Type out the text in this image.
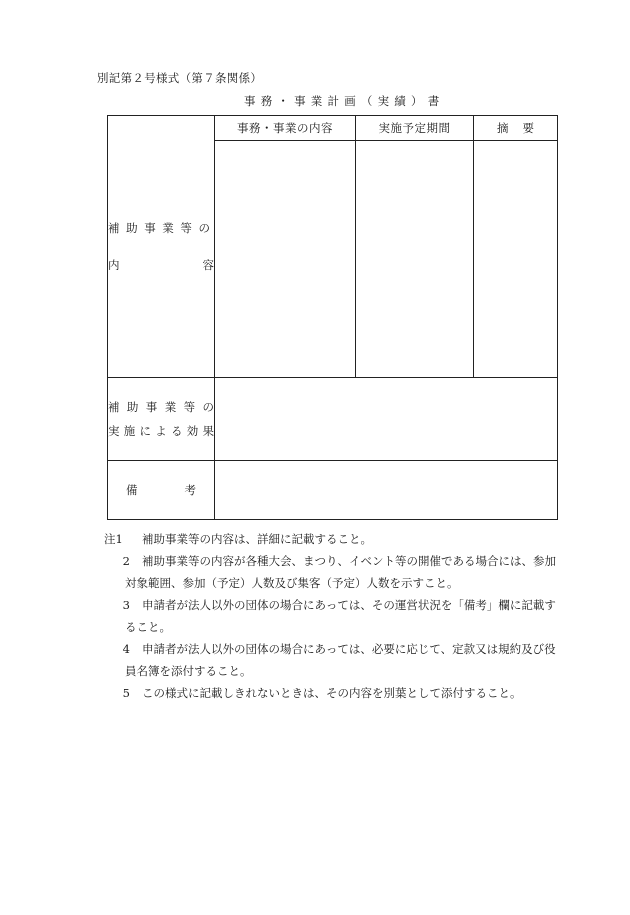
別記第２号様式（第７条関係）
事務・事業計画（実績）書
補助事業等の
内 容	事務・事業の内容	実施予定期間	摘要

補助事業等の
実施による効果			

備 考			

注1	補助事業等の内容は、詳細に記載すること。
2 補助事業等の内容が各種大会、まつり、イベント等の開催である場合には、参加
対象範囲、参加（予定）人数及び集客（予定）人数を示すこと。
3 申請者が法人以外の団体の場合にあっては、その運営状況を「備考」欄に記載す
ること。
4 申請者が法人以外の団体の場合にあっては、必要に応じて、定款又は規約及び役
員名簿を添付すること。
5 この様式に記載しきれないときは、その内容を別葉として添付すること。
